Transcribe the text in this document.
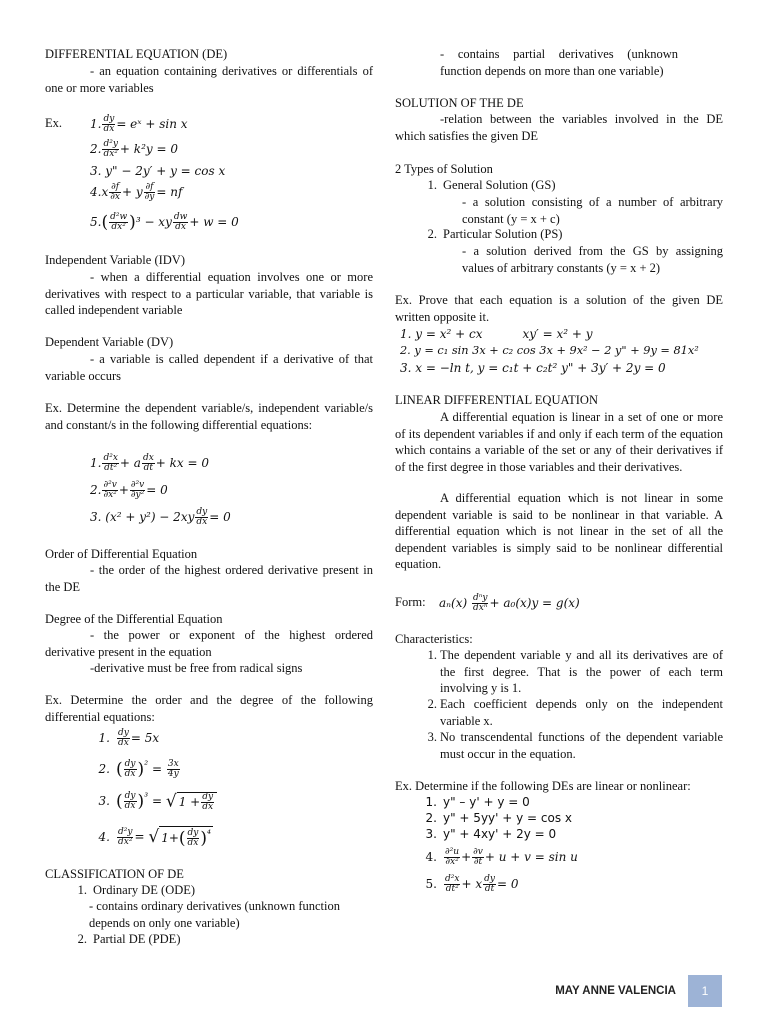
DIFFERENTIAL EQUATION (DE)
- an equation containing derivatives or differentials of one or more variables
Ex. 1. $\frac{dy}{dx}$ = eˣ + sin x
2. $\frac{\text{d²y}}{\text{dx²}} + k^2y = 0$
3. y" − 2y′ + y = cos x
$4.x \frac{\partial f}{\partial x} + y \frac{\partial f}{\partial y}$ = nf
$5.( \frac{\text{d²w}}{\text{dx²}} )^3$ − xy $\frac{dw}{dx} + w = 0$
Independent Variable (IDV)
- when a differential equation involves one or more derivatives with respect to a particular variable, that variable is called independent variable
Dependent Variable (DV)
- a variable is called dependent if a derivative of that variable occurs
Ex. Determine the dependent variable/s, independent variable/s and constant/s in the following differential equations:
1. $\frac{\text{d²x}}{\text{dt²}} + a \frac{dx}{dt}$ + kx = 0
2. $\frac{\text{∂²v}}{\text{∂x²}} + \frac{\text{∂²v}}{\text{∂y²}} = 0$
3. $(x^2 + y^2) - 2xy \frac{dy}{dx} = 0$
Order of Differential Equation
- the order of the highest ordered derivative present in the DE
Degree of the Differential Equation
- the power or exponent of the highest ordered derivative present in the equation
-derivative must be free from radical signs
Ex. Determine the order and the degree of the following differential equations:
1. $\frac{dy}{dx} = 5x$
2. ( $\frac{dy}{dx} )^{^2} = \frac{3x}{4y}$
3. ( $\frac{dy}{dx} )^{^3}$ = √ $1 + \frac{dy}{dx}$
4. $\frac{\text{d²y}}{\text{dx²}}$ = √ $1+( \frac{dy}{dx} )^{^4}$
CLASSIFICATION OF DE
1. Ordinary DE (ODE)
- contains ordinary derivatives (unknown function depends on only one variable)
2. Partial DE (PDE)
- contains partial derivatives (unknown function depends on more than one variable)
SOLUTION OF THE DE
-relation between the variables involved in the DE which satisfies the given DE
2 Types of Solution
1. General Solution (GS)
- a solution consisting of a number of arbitrary constant (y = x + c)
2. Particular Solution (PS)
- a solution derived from the GS by assigning values of arbitrary constants (y = x + 2)
Ex. Prove that each equation is a solution of the given DE written opposite it.
1. y = x² + cx	xy′ = x² + y
2. y = c₁ sin 3x + c₂ cos 3x + 9x² − 2 y" + 9y = 81x²
3. x = −ln t, y = c₁t + c₂t² y" + 3y′ + 2y = 0
LINEAR DIFFERENTIAL EQUATION
A differential equation is linear in a set of one or more of its dependent variables if and only if each term of the equation which contains a variable of the set or any of their derivatives if of the first degree in those variables and their derivatives.
A differential equation which is not linear in some dependent variable is said to be nonlinear in that variable. A differential equation which is not linear in the set of all the dependent variables is simply said to be nonlinear differential equation.
Form: $a_n(x) \frac{\text{dⁿy}}{\text{dxⁿ}} + a_0(x)y = g(x)$
Characteristics:
1. The dependent variable y and all its derivatives are of the first degree. That is the power of each term involving y is 1.
2. Each coefficient depends only on the independent variable x.
3. No transcendental functions of the dependent variable must occur in the equation.
Ex. Determine if the following DEs are linear or nonlinear:
1. y" – y' + y = 0
2. y" + 5yy' + y = cos x
3. y" + 4xy' + 2y = 0
4. $\frac{\text{∂²u}}{\text{∂x²}} + \frac{\partial v}{\partial t} + u + v = \sin u$
5. $\frac{\text{d²x}}{\text{dt²}} + x \frac{dy}{dt} = 0$
MAY ANNE VALENCIA	1
